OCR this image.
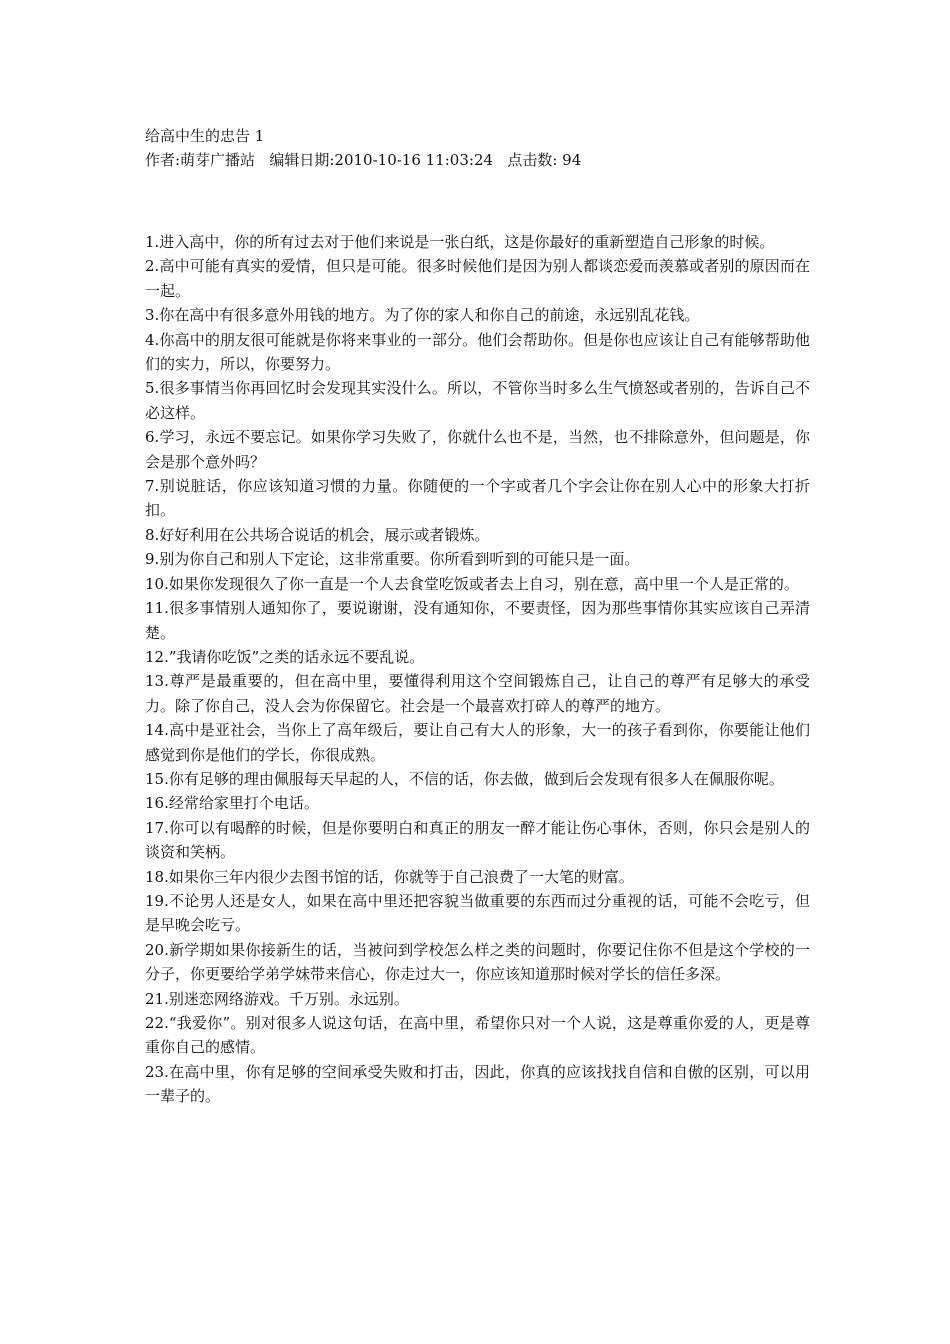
给高中生的忠告 1

作者:萌芽广播站   编辑日期:2010-10-16 11:03:24   点击数: 94

1.进入高中，你的所有过去对于他们来说是一张白纸，这是你最好的重新塑造自己形象的时候。
2.高中可能有真实的爱情，但只是可能。很多时候他们是因为别人都谈恋爱而羡慕或者别的原因而在一起。
3.你在高中有很多意外用钱的地方。为了你的家人和你自己的前途，永远别乱花钱。
4.你高中的朋友很可能就是你将来事业的一部分。他们会帮助你。但是你也应该让自己有能够帮助他们的实力，所以，你要努力。
5.很多事情当你再回忆时会发现其实没什么。所以，不管你当时多么生气愤怒或者别的，告诉自己不必这样。
6.学习，永远不要忘记。如果你学习失败了，你就什么也不是，当然，也不排除意外，但问题是，你会是那个意外吗？
7.别说脏话，你应该知道习惯的力量。你随便的一个字或者几个字会让你在别人心中的形象大打折扣。
8.好好利用在公共场合说话的机会，展示或者锻炼。
9.别为你自己和别人下定论，这非常重要。你所看到听到的可能只是一面。
10.如果你发现很久了你一直是一个人去食堂吃饭或者去上自习，别在意，高中里一个人是正常的。
11.很多事情别人通知你了，要说谢谢，没有通知你，不要责怪，因为那些事情你其实应该自己弄清楚。
12.”我请你吃饭”之类的话永远不要乱说。
13.尊严是最重要的，但在高中里，要懂得利用这个空间锻炼自己，让自己的尊严有足够大的承受力。除了你自己，没人会为你保留它。社会是一个最喜欢打碎人的尊严的地方。
14.高中是亚社会，当你上了高年级后，要让自己有大人的形象，大一的孩子看到你，你要能让他们感觉到你是他们的学长，你很成熟。
15.你有足够的理由佩服每天早起的人，不信的话，你去做，做到后会发现有很多人在佩服你呢。
16.经常给家里打个电话。
17.你可以有喝醉的时候，但是你要明白和真正的朋友一醉才能让伤心事休，否则，你只会是别人的谈资和笑柄。
18.如果你三年内很少去图书馆的话，你就等于自己浪费了一大笔的财富。
19.不论男人还是女人，如果在高中里还把容貌当做重要的东西而过分重视的话，可能不会吃亏，但是早晚会吃亏。
20.新学期如果你接新生的话，当被问到学校怎么样之类的问题时，你要记住你不但是这个学校的一分子，你更要给学弟学妹带来信心，你走过大一，你应该知道那时候对学长的信任多深。
21.别迷恋网络游戏。千万别。永远别。
22.“我爱你”。别对很多人说这句话，在高中里，希望你只对一个人说，这是尊重你爱的人，更是尊重你自己的感情。
23.在高中里，你有足够的空间承受失败和打击，因此，你真的应该找找自信和自傲的区别，可以用一辈子的。
